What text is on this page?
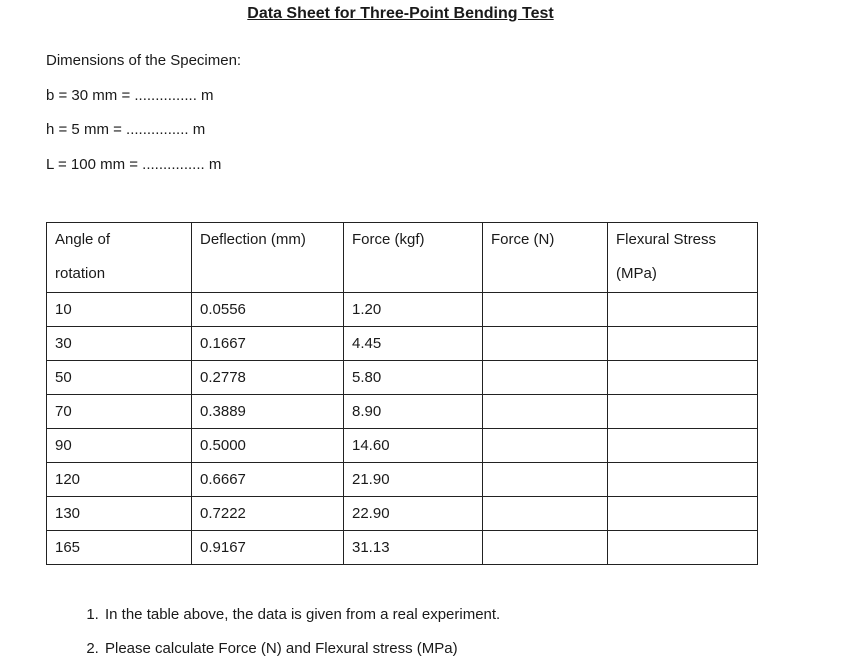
Data Sheet for Three-Point Bending Test
Dimensions of the Specimen:
b = 30 mm = ............... m
h = 5 mm = ............... m
L = 100 mm = ............... m
Angle of
rotation	Deflection (mm)	Force (kgf)	Force (N)	Flexural Stress
(MPa)
10	0.0556	1.20		
30	0.1667	4.45		
50	0.2778	5.80		
70	0.3889	8.90		
90	0.5000	14.60		
120	0.6667	21.90		
130	0.7222	22.90		
165	0.9167	31.13		
1. In the table above, the data is given from a real experiment.
2. Please calculate Force (N) and Flexural stress (MPa)
